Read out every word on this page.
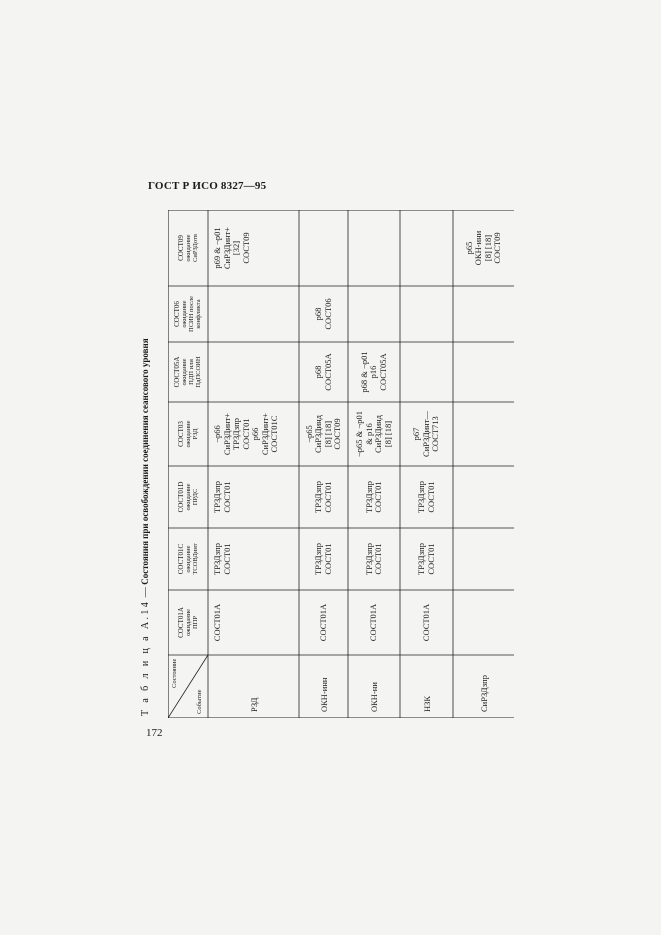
ГОСТ Р ИСО 8327—95
Т а б л и ц а А.14 — Состояния при освобождении соединения сеансового уровня
Состояние
Событие
СОСТ01А ожидание ППР
СОСТ01С ожидание ТСОВДинт
СОСТ01D ожидание ПРДС
СОСТ03 ожидание РЗД
СОСТ05А ожидание ПДП или ПдПСОИН
СОСТ06 ожидание ПСИН после конфликта
СОСТ09 ожидание СиРЗДотв
РЗД
СОСТ01А
ТРЗДзпр СОСТ01
ТРЗДзпр СОСТ01
¬p66 СиРЗДинт+ ТРЗДзпр СОСТ01 p66 СиРЗДинт+ СОСТ01С
p69 & ¬p01 СиРЗДинт+ [32] СОСТ09
ОКН-инн
СОСТ01А
ТРЗДзпр СОСТ01
ТРЗДзпр СОСТ01
¬p65 СиРЗДинд [8] [18] СОСТ09
p68 СОСТ05А
p68 СОСТ06
ОКН-ни
СОСТ01А
ТРЗДзпр СОСТ01
ТРЗДзпр СОСТ01
¬p65 & ¬p01 & p16 СиРЗДинд [8] [18]
p68 & ¬p01 p16 СОСТ05А
НЗК
СОСТ01А
ТРЗДзпр СОСТ01
ТРЗДзпр СОСТ01
p67 СиРЗДинт— СОСТ713
СиРЗДзпр
p65 ОКН-ини [8] [18] СОСТ09
172
